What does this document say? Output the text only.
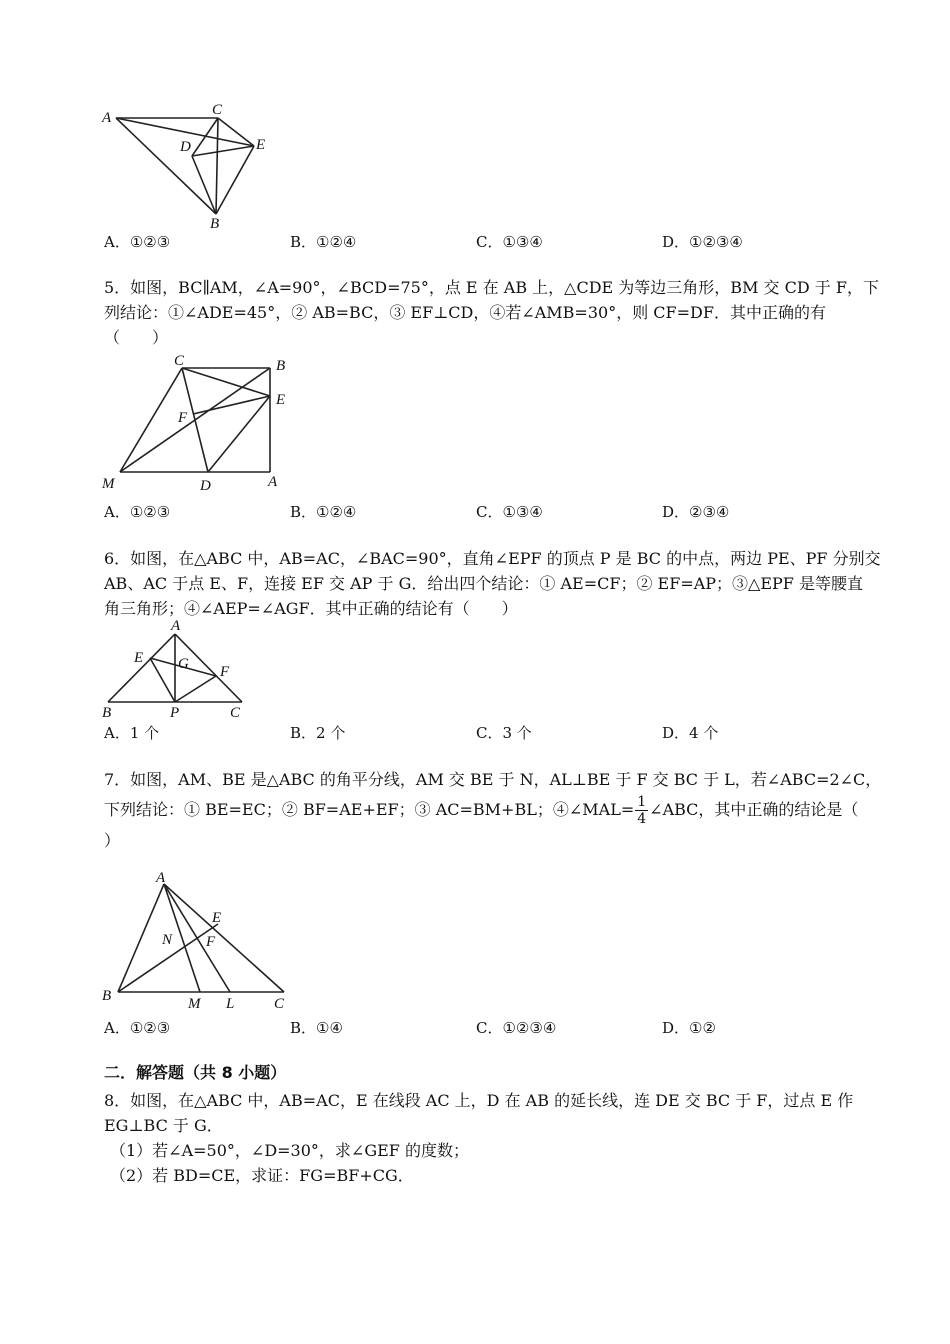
A	C
D	E
B
A．①②③	B．①②④	C．①③④	D．①②③④

5．如图，BC∥AM，∠A=90°，∠BCD=75°，点 E 在 AB 上，△CDE 为等边三角形，BM 交 CD 于 F，下

列结论：①∠ADE=45°，② AB=BC，③ EF⊥CD，④若∠AMB=30°，则 CF=DF．其中正确的有

（　　）

C	B
E
F
M	D	A
A．①②③	B．①②④	C．①③④	D．②③④

6．如图，在△ABC 中，AB=AC，∠BAC=90°，直角∠EPF 的顶点 P 是 BC 的中点，两边 PE、PF 分别交

AB、AC 于点 E、F，连接 EF 交 AP 于 G．给出四个结论：① AE=CF；② EF=AP；③△EPF 是等腰直

角三角形；④∠AEP=∠AGF．其中正确的结论有（　　）

A
E G F
B	P	C
A．1 个	B．2 个	C．3 个	D．4 个

7．如图，AM、BE 是△ABC 的角平分线，AM 交 BE 于 N，AL⊥BE 于 F 交 BC 于 L，若∠ABC=2∠C，

下列结论：① BE=EC；② BF=AE+EF；③ AC=BM+BL；④∠MAL= $\frac{1}{4}$ ∠ABC，其中正确的结论是（

）

A
E
N F
B	M L	C
A．①②③	B．①④	C．①②③④	D．①②
二．解答题（共 8 小题）

8．如图，在△ABC 中，AB=AC，E 在线段 AC 上，D 在 AB 的延长线，连 DE 交 BC 于 F，过点 E 作

EG⊥BC 于 G．

（1）若∠A=50°，∠D=30°，求∠GEF 的度数；

（2）若 BD=CE，求证：FG=BF+CG．
